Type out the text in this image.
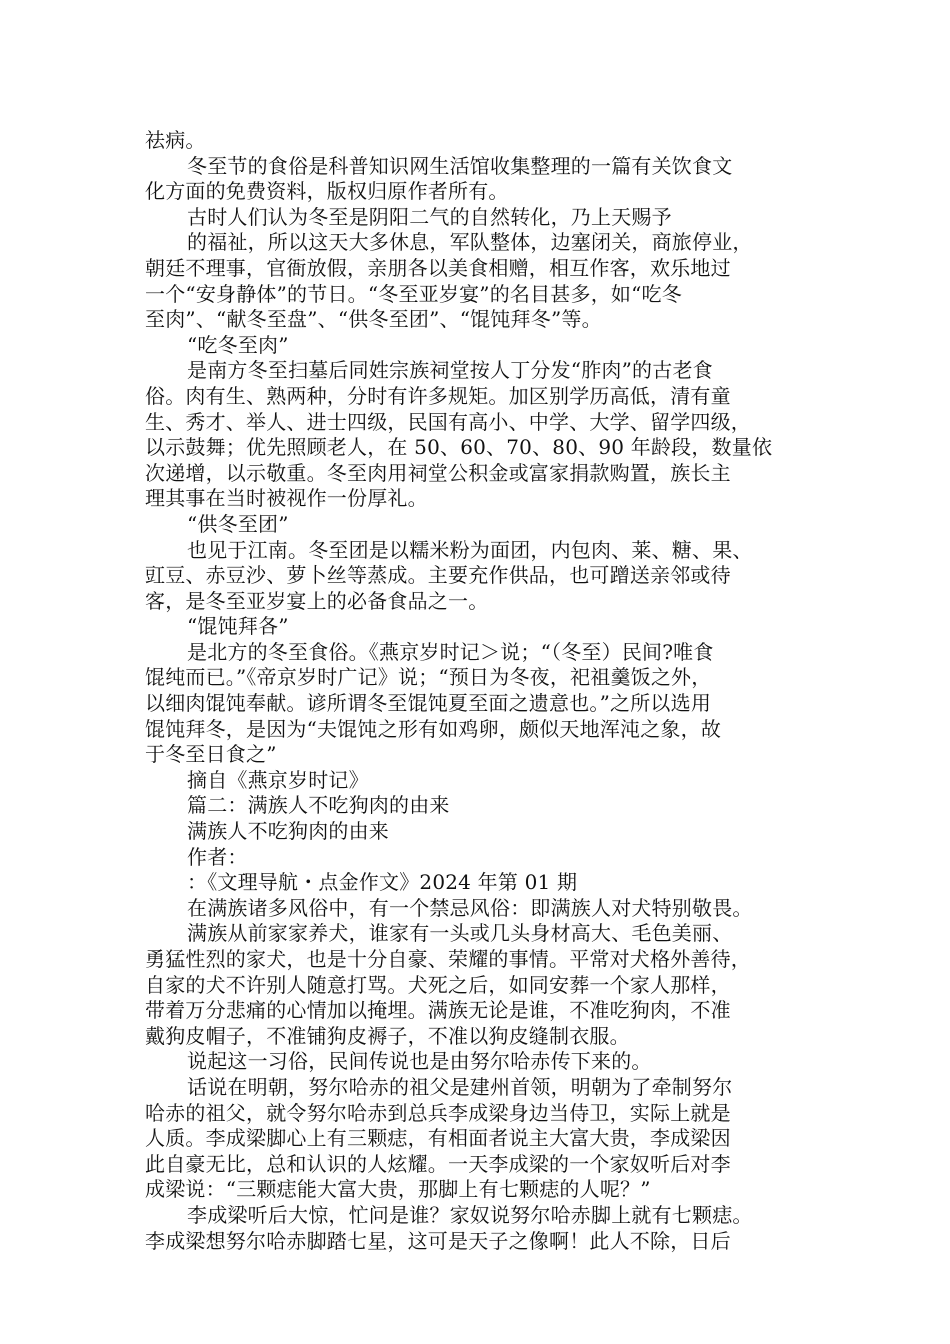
祛病。
冬至节的食俗是科普知识网生活馆收集整理的一篇有关饮食文
化方面的免费资料，版权归原作者所有。
古时人们认为冬至是阴阳二气的自然转化，乃上天赐予
的福祉，所以这天大多休息，军队整体，边塞闭关，商旅停业，
朝廷不理事，官衙放假，亲朋各以美食相赠，相互作客，欢乐地过
一个“安身静体”的节日。“冬至亚岁宴”的名目甚多，如“吃冬
至肉”、“献冬至盘”、“供冬至团”、“馄饨拜冬”等。
“吃冬至肉”
是南方冬至扫墓后同姓宗族祠堂按人丁分发“胙肉”的古老食
俗。肉有生、熟两种，分时有许多规矩。加区别学历高低，清有童
生、秀才、举人、进士四级，民国有高小、中学、大学、留学四级，
以示鼓舞；优先照顾老人，在 50、60、70、80、90 年龄段，数量依
次递增，以示敬重。冬至肉用祠堂公积金或富家捐款购置，族长主
理其事在当时被视作一份厚礼。
“供冬至团”
也见于江南。冬至团是以糯米粉为面团，内包肉、莱、糖、果、
豇豆、赤豆沙、萝卜丝等蒸成。主要充作供品，也可蹭送亲邻或待
客，是冬至亚岁宴上的必备食品之一。
“馄饨拜各”
是北方的冬至食俗。《燕京岁时记＞说；“（冬至）民间?唯食
馄纯而已。”《帝京岁时广记》说；“预日为冬夜，祀祖羹饭之外，
以细肉馄饨奉献。谚所谓冬至馄饨夏至面之遗意也。”之所以选用
馄饨拜冬，是因为“夫馄饨之形有如鸡卵，颇似天地浑沌之象，故
于冬至日食之”
摘自《燕京岁时记》
篇二：满族人不吃狗肉的由来
满族人不吃狗肉的由来
作者：
：《文理导航・点金作文》2024 年第 01 期
在满族诸多风俗中，有一个禁忌风俗：即满族人对犬特别敬畏。
满族从前家家养犬，谁家有一头或几头身材高大、毛色美丽、
勇猛性烈的家犬，也是十分自豪、荣耀的事情。平常对犬格外善待，
自家的犬不许别人随意打骂。犬死之后，如同安葬一个家人那样，
带着万分悲痛的心情加以掩埋。满族无论是谁，不准吃狗肉，不准
戴狗皮帽子，不准铺狗皮褥子，不准以狗皮缝制衣服。
说起这一习俗，民间传说也是由努尔哈赤传下来的。
话说在明朝，努尔哈赤的祖父是建州首领，明朝为了牵制努尔
哈赤的祖父，就令努尔哈赤到总兵李成梁身边当侍卫，实际上就是
人质。李成梁脚心上有三颗痣，有相面者说主大富大贵，李成梁因
此自豪无比，总和认识的人炫耀。一天李成梁的一个家奴听后对李
成梁说：“三颗痣能大富大贵，那脚上有七颗痣的人呢？”
李成梁听后大惊，忙问是谁？家奴说努尔哈赤脚上就有七颗痣。
李成梁想努尔哈赤脚踏七星，这可是天子之像啊！此人不除，日后
